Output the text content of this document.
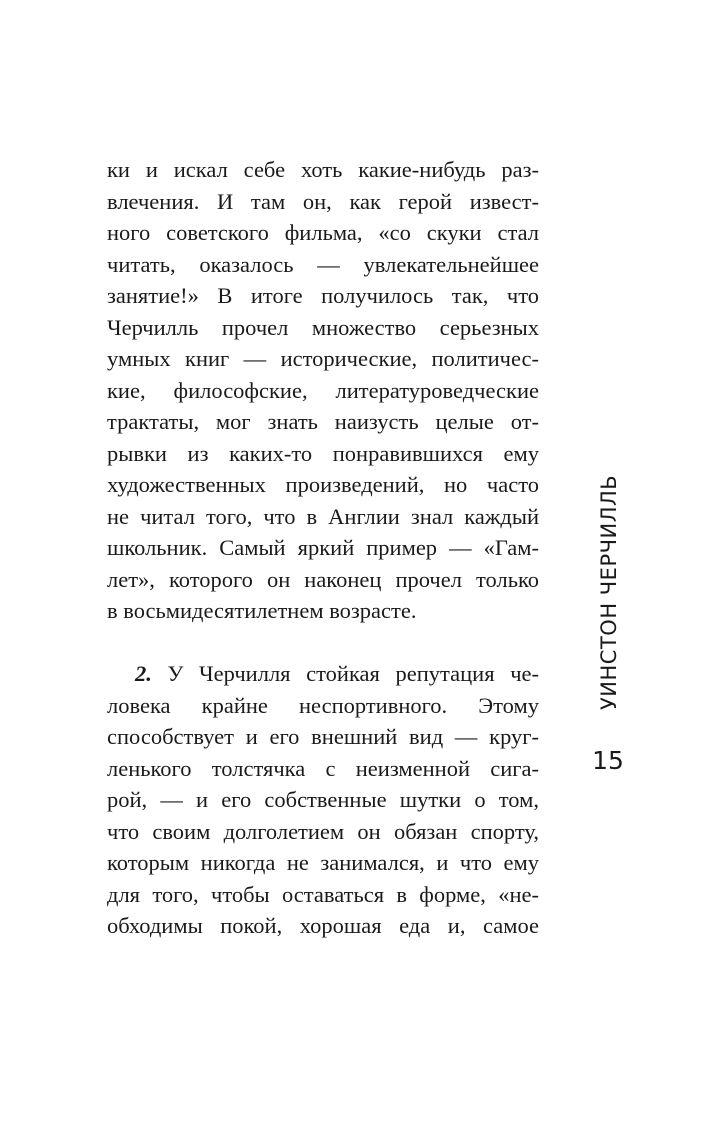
ки и искал себе хоть какие-нибудь раз-
влечения. И там он, как герой извест-
ного советского фильма, «со скуки стал
читать, оказалось — увлекательнейшее
занятие!» В итоге получилось так, что
Черчилль прочел множество серьезных
умных книг — исторические, политичес-
кие, философские, литературоведческие
трактаты, мог знать наизусть целые от-
рывки из каких-то понравившихся ему
художественных произведений, но часто
не читал того, что в Англии знал каждый
школьник. Самый яркий пример — «Гам-
лет», которого он наконец прочел только
в восьмидесятилетнем возрасте.
2. У Черчилля стойкая репутация че-
ловека крайне неспортивного. Этому
способствует и его внешний вид — круг-
ленького толстячка с неизменной сига-
рой, — и его собственные шутки о том,
что своим долголетием он обязан спорту,
которым никогда не занимался, и что ему
для того, чтобы оставаться в форме, «не-
обходимы покой, хорошая еда и, самое
УИНСТОН ЧЕРЧИЛЛЬ
15
